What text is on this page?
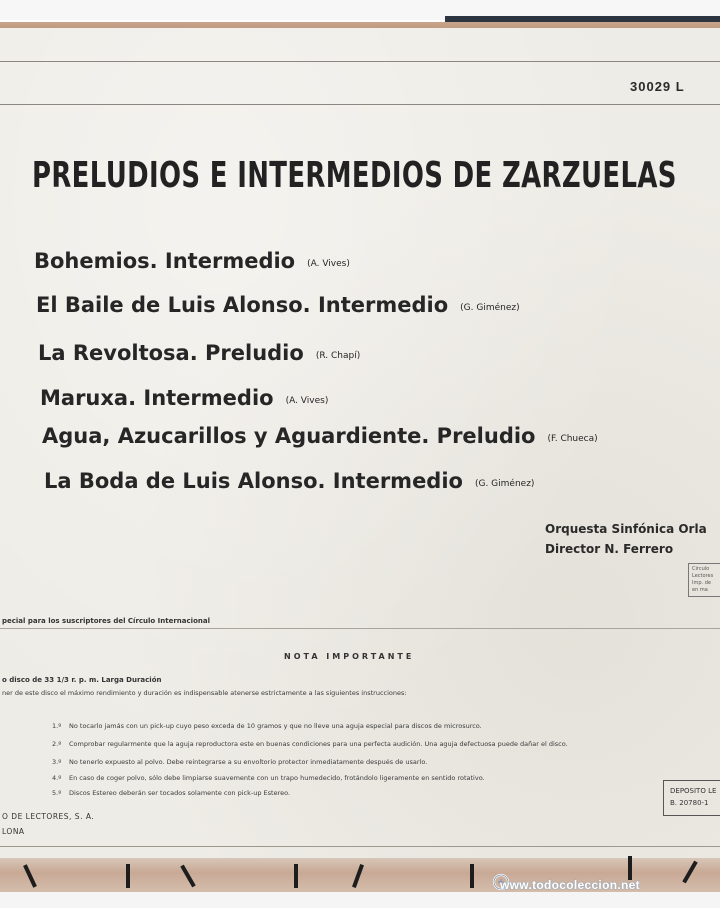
30029 L
PRELUDIOS E INTERMEDIOS DE ZARZUELAS
Bohemios. Intermedio (A. Vives)
El Baile de Luis Alonso. Intermedio (G. Giménez)
La Revoltosa. Preludio (R. Chapí)
Maruxa. Intermedio (A. Vives)
Agua, Azucarillos y Aguardiente. Preludio (F. Chueca)
La Boda de Luis Alonso. Intermedio (G. Giménez)
Orquesta Sinfónica Orla
Director N. Ferrero
Circulo
Lectores
Imp. de
en ma
pecial para los suscriptores del Círculo Internacional
NOTA IMPORTANTE
o disco de 33 1/3 r. p. m. Larga Duración
ner de este disco el máximo rendimiento y duración es indispensable atenerse estrictamente a las siguientes instrucciones:
1.º No tocarlo jamás con un pick-up cuyo peso exceda de 10 gramos y que no lleve una aguja especial para discos de microsurco.
2.º Comprobar regularmente que la aguja reproductora este en buenas condiciones para una perfecta audición. Una aguja defectuosa puede dañar el disco.
3.º No tenerlo expuesto al polvo. Debe reintegrarse a su envoltorio protector inmediatamente después de usarlo.
4.º En caso de coger polvo, sólo debe limpiarse suavemente con un trapo humedecido, frotándolo ligeramente en sentido rotativo.
5.º Discos Estereo deberán ser tocados solamente con pick-up Estereo.	DEPOSITO LE
B. 20780-1
O DE LECTORES, S. A.
LONA
www.todocoleccion.net
